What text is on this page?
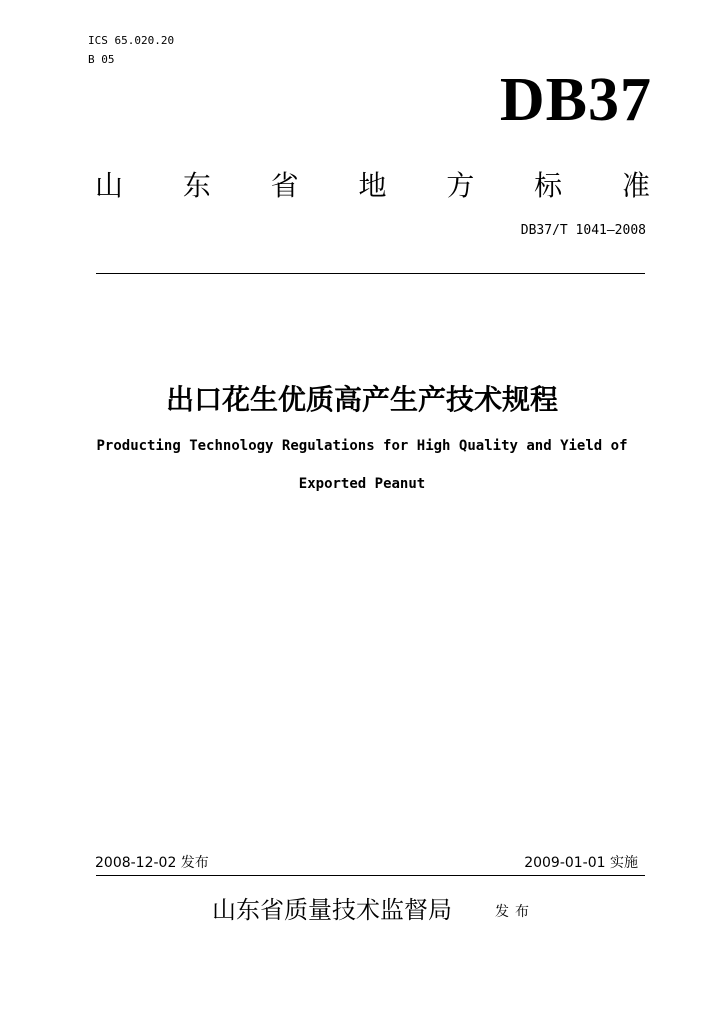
ICS 65.020.20
B 05
DB37
山 东 省 地 方 标 准
DB37/T 1041—2008
出口花生优质高产生产技术规程
Producting Technology Regulations for High Quality and Yield of
Exported Peanut
2008-12-02 发布	2009-01-01 实施
山东省质量技术监督局	发布
